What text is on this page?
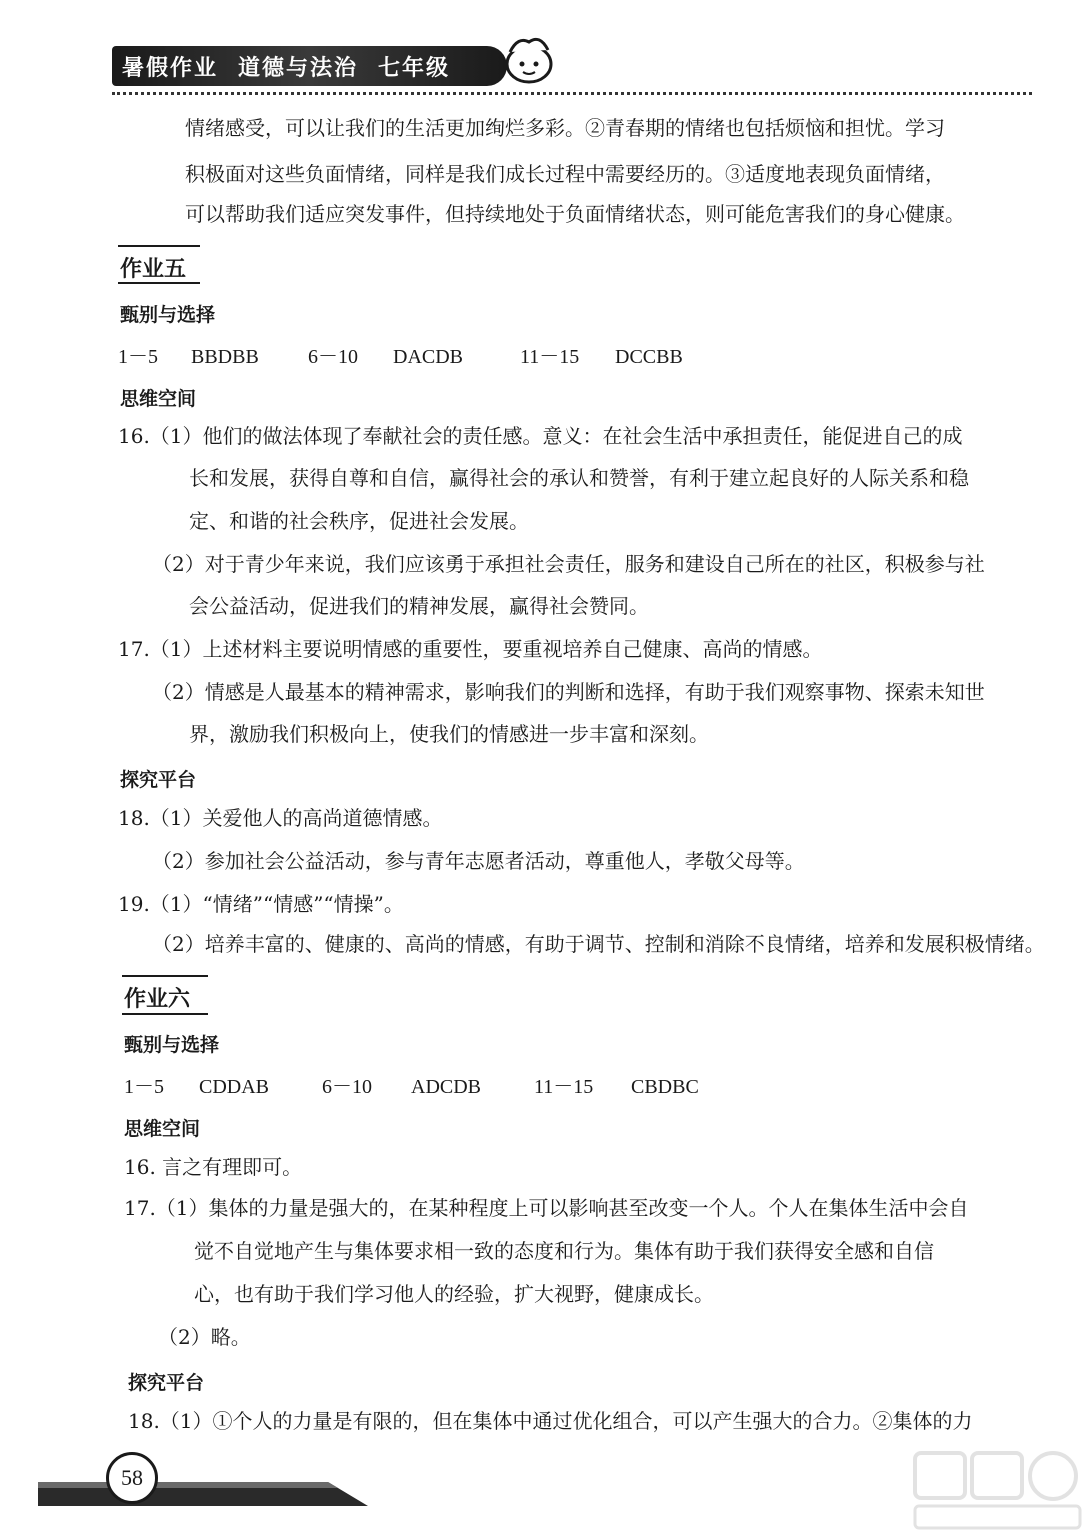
暑假作业 道德与法治 七年级
情绪感受，可以让我们的生活更加绚烂多彩。②青春期的情绪也包括烦恼和担忧。学习
积极面对这些负面情绪，同样是我们成长过程中需要经历的。③适度地表现负面情绪，
可以帮助我们适应突发事件，但持续地处于负面情绪状态，则可能危害我们的身心健康。
作业五
甄别与选择
1－5 BBDBB 6－10 DACDB	11－15 DCCBB
思维空间
16.（1）他们的做法体现了奉献社会的责任感。意义：在社会生活中承担责任，能促进自己的成
长和发展，获得自尊和自信，赢得社会的承认和赞誉，有利于建立起良好的人际关系和稳
定、和谐的社会秩序，促进社会发展。
（2）对于青少年来说，我们应该勇于承担社会责任，服务和建设自己所在的社区，积极参与社
会公益活动，促进我们的精神发展，赢得社会赞同。
17.（1）上述材料主要说明情感的重要性，要重视培养自己健康、高尚的情感。
（2）情感是人最基本的精神需求，影响我们的判断和选择，有助于我们观察事物、探索未知世
界，激励我们积极向上，使我们的情感进一步丰富和深刻。
探究平台
18.（1）关爱他人的高尚道德情感。
（2）参加社会公益活动，参与青年志愿者活动，尊重他人，孝敬父母等。
19.（1）“情绪”“情感”“情操”。
（2）培养丰富的、健康的、高尚的情感，有助于调节、控制和消除不良情绪，培养和发展积极情绪。
作业六
甄别与选择
1－5 CDDAB	6－10 ADCDB	11－15 CBDBC
思维空间
16. 言之有理即可。
17.（1）集体的力量是强大的，在某种程度上可以影响甚至改变一个人。个人在集体生活中会自
觉不自觉地产生与集体要求相一致的态度和行为。集体有助于我们获得安全感和自信
心，也有助于我们学习他人的经验，扩大视野，健康成长。
（2）略。
探究平台
18.（1）①个人的力量是有限的，但在集体中通过优化组合，可以产生强大的合力。②集体的力
58
